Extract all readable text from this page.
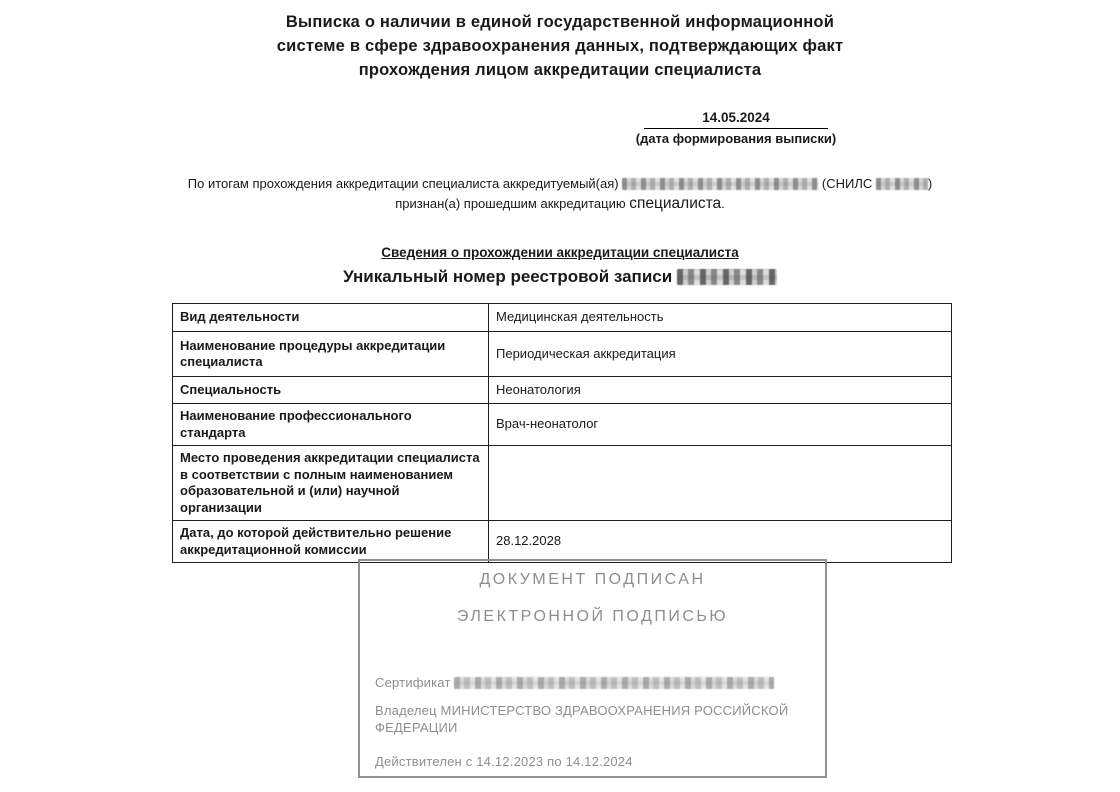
Выписка о наличии в единой государственной информационной
системе в сфере здравоохранения данных, подтверждающих факт
прохождения лицом аккредитации специалиста
14.05.2024
(дата формирования выписки)
По итогам прохождения аккредитации специалиста аккредитуемый(ая)	(СНИЛС	)
признан(а) прошедшим аккредитацию специалиста.
Сведения о прохождении аккредитации специалиста
Уникальный номер реестровой записи
Вид деятельности	Медицинская деятельность
Наименование процедуры аккредитации специалиста	Периодическая аккредитация
Специальность	Неонатология
Наименование профессионального стандарта	Врач-неонатолог
Место проведения аккредитации специалиста в соответствии с полным наименованием образовательной и (или) научной организации	
Дата, до которой действительно решение аккредитационной комиссии	28.12.2028
ДОКУМЕНТ ПОДПИСАН
ЭЛЕКТРОННОЙ ПОДПИСЬЮ
Сертификат
Владелец МИНИСТЕРСТВО ЗДРАВООХРАНЕНИЯ РОССИЙСКОЙ ФЕДЕРАЦИИ
Действителен с 14.12.2023 по 14.12.2024
